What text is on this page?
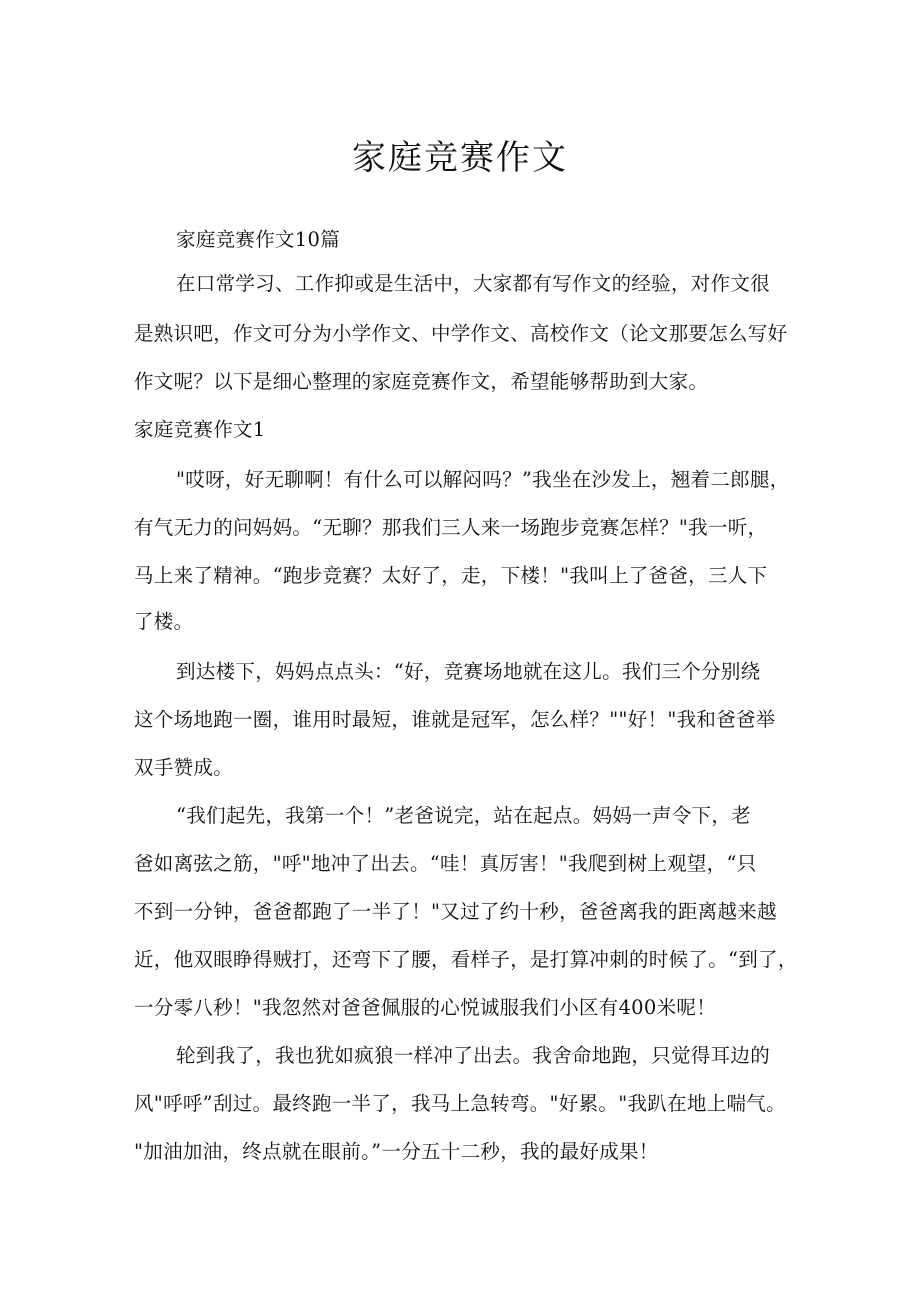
家庭竞赛作文
家庭竞赛作文10篇
在口常学习、工作抑或是生活中，大家都有写作文的经验，对作文很
是熟识吧，作文可分为小学作文、中学作文、高校作文（论文那要怎么写好
作文呢？以下是细心整理的家庭竞赛作文，希望能够帮助到大家。
家庭竞赛作文1
"哎呀，好无聊啊！有什么可以解闷吗？”我坐在沙发上，翘着二郎腿，
有气无力的问妈妈。“无聊？那我们三人来一场跑步竞赛怎样？"我一听，
马上来了精神。“跑步竞赛？太好了，走，下楼！"我叫上了爸爸，三人下
了楼。
到达楼下，妈妈点点头：“好，竞赛场地就在这儿。我们三个分别绕
这个场地跑一圈，谁用时最短，谁就是冠军，怎么样？""好！"我和爸爸举
双手赞成。
“我们起先，我第一个！”老爸说完，站在起点。妈妈一声令下，老
爸如离弦之筋，"呼"地冲了出去。“哇！真厉害！"我爬到树上观望，“只
不到一分钟，爸爸都跑了一半了！"又过了约十秒，爸爸离我的距离越来越
近，他双眼睁得贼打，还弯下了腰，看样子，是打算冲刺的时候了。“到了，
一分零八秒！"我忽然对爸爸佩服的心悦诚服我们小区有400米呢！
轮到我了，我也犹如疯狼一样冲了出去。我舍命地跑，只觉得耳边的
风"呼呼”刮过。最终跑一半了，我马上急转弯。"好累。"我趴在地上喘气。
"加油加油，终点就在眼前。”一分五十二秒，我的最好成果！
